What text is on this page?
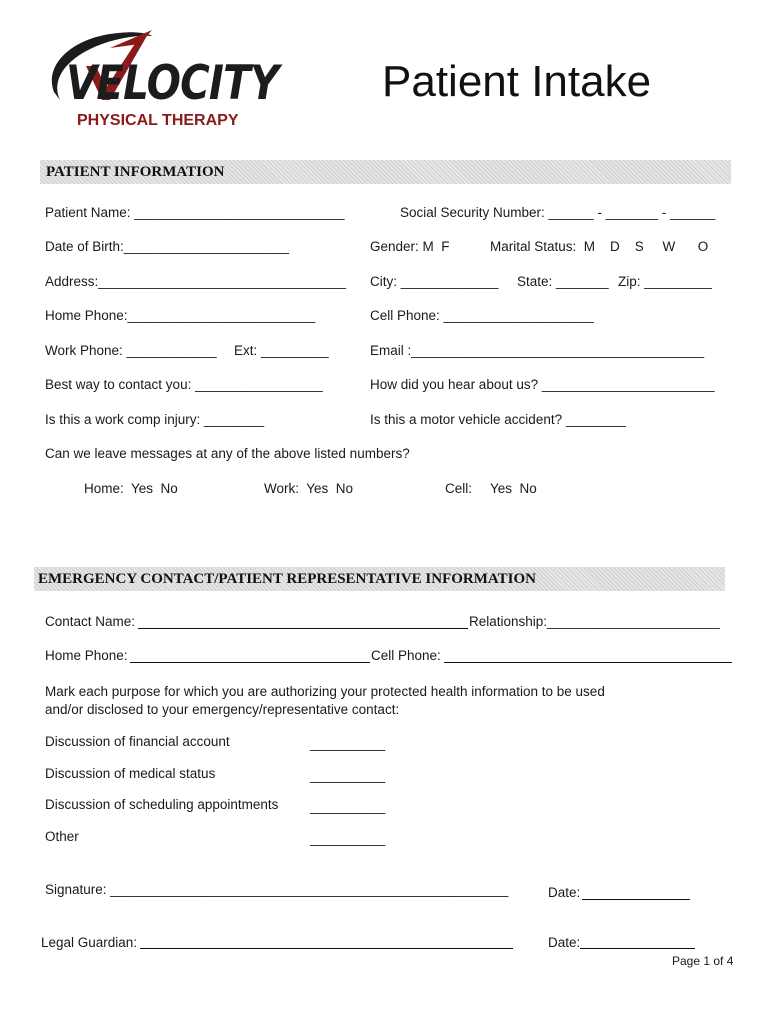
VELOCITY
PHYSICAL THERAPY
Patient Intake
PATIENT INFORMATION
Patient Name: ____________________________	Social Security Number: ______ - _______ - ______
Date of Birth:______________________	Gender: M  F	Marital Status:  M    D    S     W      O
Address:_________________________________ City: _____________ State: _______ Zip: _________
Home Phone:_________________________	Cell Phone: ____________________
Work Phone: ____________ Ext: _________	Email :_______________________________________
Best way to contact you: _________________	How did you hear about us? _______________________
Is this a work comp injury: ________	Is this a motor vehicle accident? ________
Can we leave messages at any of the above listed numbers?
Home:  Yes  No	Work:  Yes  No	Cell: Yes  No
EMERGENCY CONTACT/PATIENT REPRESENTATIVE INFORMATION
Contact Name:	Relationship:_______________________
Home Phone:	Cell Phone:
Mark each purpose for which you are authorizing your protected health information to be used
and/or disclosed to your emergency/representative contact:
Discussion of financial account	__________
Discussion of medical status	__________
Discussion of scheduling appointments __________
Other	__________
Signature: _____________________________________________________	Date:
Legal Guardian:	Date:
Page 1 of 4
